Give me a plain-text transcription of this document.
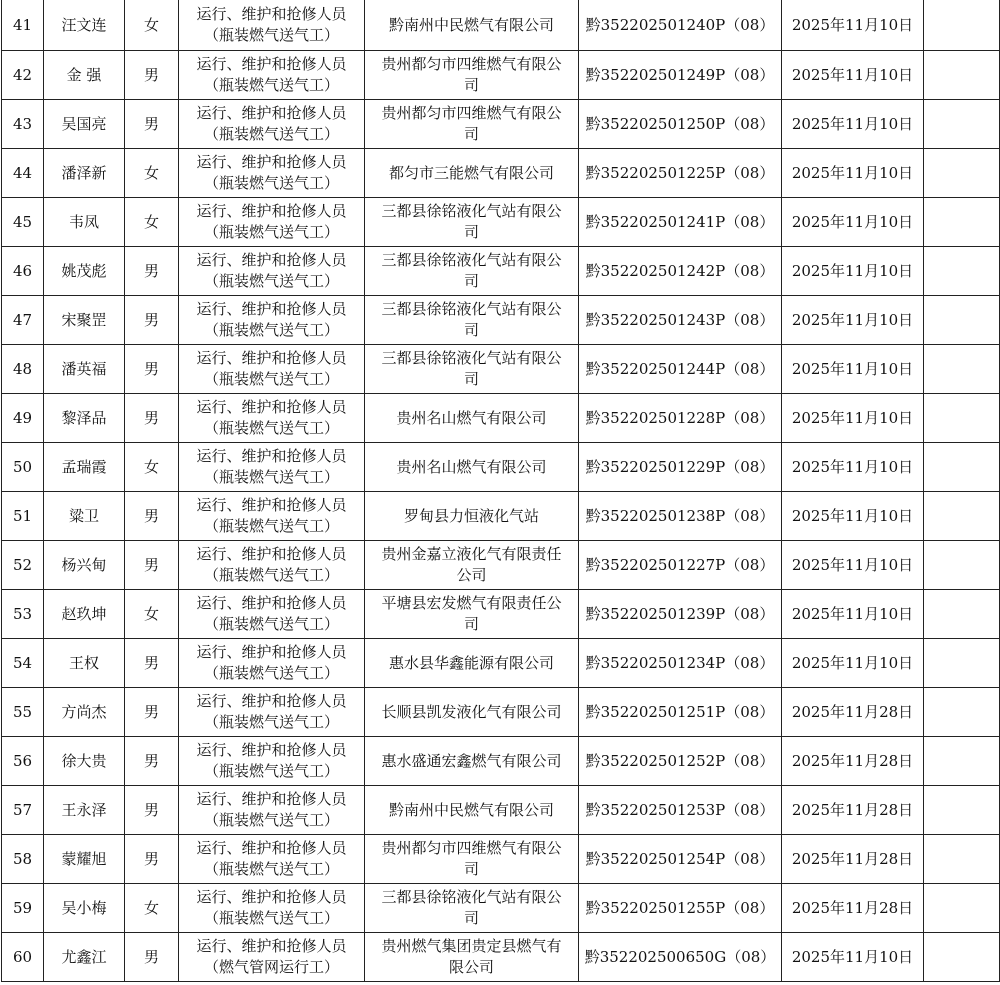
41	汪文连	女	运行、维护和抢修人员
（瓶装燃气送气工）	黔南州中民燃气有限公司	黔352202501240P（08）	2025年11月10日	
42	金 强	男	运行、维护和抢修人员
（瓶装燃气送气工）	贵州都匀市四维燃气有限公
司	黔352202501249P（08）	2025年11月10日	
43	吴国亮	男	运行、维护和抢修人员
（瓶装燃气送气工）	贵州都匀市四维燃气有限公
司	黔352202501250P（08）	2025年11月10日	
44	潘泽新	女	运行、维护和抢修人员
（瓶装燃气送气工）	都匀市三能燃气有限公司	黔352202501225P（08）	2025年11月10日	
45	韦凤	女	运行、维护和抢修人员
（瓶装燃气送气工）	三都县徐铭液化气站有限公
司	黔352202501241P（08）	2025年11月10日	
46	姚茂彪	男	运行、维护和抢修人员
（瓶装燃气送气工）	三都县徐铭液化气站有限公
司	黔352202501242P（08）	2025年11月10日	
47	宋聚罡	男	运行、维护和抢修人员
（瓶装燃气送气工）	三都县徐铭液化气站有限公
司	黔352202501243P（08）	2025年11月10日	
48	潘英福	男	运行、维护和抢修人员
（瓶装燃气送气工）	三都县徐铭液化气站有限公
司	黔352202501244P（08）	2025年11月10日	
49	黎泽品	男	运行、维护和抢修人员
（瓶装燃气送气工）	贵州名山燃气有限公司	黔352202501228P（08）	2025年11月10日	
50	孟瑞霞	女	运行、维护和抢修人员
（瓶装燃气送气工）	贵州名山燃气有限公司	黔352202501229P（08）	2025年11月10日	
51	粱卫	男	运行、维护和抢修人员
（瓶装燃气送气工）	罗甸县力恒液化气站	黔352202501238P（08）	2025年11月10日	
52	杨兴甸	男	运行、维护和抢修人员
（瓶装燃气送气工）	贵州金嘉立液化气有限责任
公司	黔352202501227P（08）	2025年11月10日	
53	赵玖坤	女	运行、维护和抢修人员
（瓶装燃气送气工）	平塘县宏发燃气有限责任公
司	黔352202501239P（08）	2025年11月10日	
54	王权	男	运行、维护和抢修人员
（瓶装燃气送气工）	惠水县华鑫能源有限公司	黔352202501234P（08）	2025年11月10日	
55	方尚杰	男	运行、维护和抢修人员
（瓶装燃气送气工）	长顺县凯发液化气有限公司	黔352202501251P（08）	2025年11月28日	
56	徐大贵	男	运行、维护和抢修人员
（瓶装燃气送气工）	惠水盛通宏鑫燃气有限公司	黔352202501252P（08）	2025年11月28日	
57	王永泽	男	运行、维护和抢修人员
（瓶装燃气送气工）	黔南州中民燃气有限公司	黔352202501253P（08）	2025年11月28日	
58	蒙耀旭	男	运行、维护和抢修人员
（瓶装燃气送气工）	贵州都匀市四维燃气有限公
司	黔352202501254P（08）	2025年11月28日	
59	吴小梅	女	运行、维护和抢修人员
（瓶装燃气送气工）	三都县徐铭液化气站有限公
司	黔352202501255P（08）	2025年11月28日	
60	尤鑫江	男	运行、维护和抢修人员
（燃气管网运行工）	贵州燃气集团贵定县燃气有
限公司	黔352202500650G（08）	2025年11月10日	
